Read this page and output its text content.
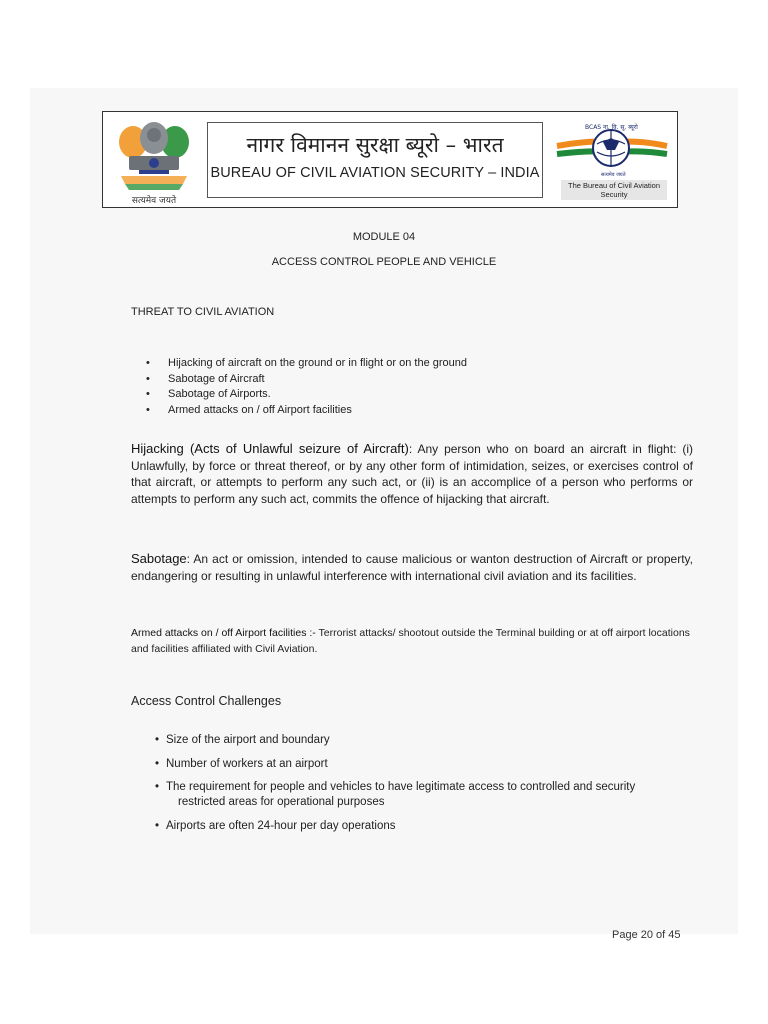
सत्यमेव जयते
नागर विमानन सुरक्षा ब्यूरो – भारत
BUREAU OF CIVIL AVIATION SECURITY – INDIA
BCAS ना. वि. सु. ब्यूरो
सत्यमेव जयते
The Bureau of Civil Aviation Security
MODULE 04
ACCESS CONTROL PEOPLE AND VEHICLE
THREAT TO CIVIL AVIATION
• Hijacking of aircraft on the ground or in flight or on the ground
• Sabotage of Aircraft
• Sabotage of Airports.
• Armed attacks on / off Airport facilities

Hijacking (Acts of Unlawful seizure of Aircraft): Any person who on board an aircraft in flight: (i) Unlawfully, by force or threat thereof, or by any other form of intimidation, seizes, or exercises control of that aircraft, or attempts to perform any such act, or (ii) is an accomplice of a person who performs or attempts to perform any such act, commits the offence of hijacking that aircraft.

Sabotage: An act or omission, intended to cause malicious or wanton destruction of Aircraft or property, endangering or resulting in unlawful interference with international civil aviation and its facilities.

Armed attacks on / off Airport facilities :- Terrorist attacks/ shootout outside the Terminal building or at off airport locations and facilities affiliated with Civil Aviation.

Access Control Challenges
• Size of the airport and boundary
• Number of workers at an airport
• The requirement for people and vehicles to have legitimate access to controlled and security
restricted areas for operational purposes
• Airports are often 24-hour per day operations
Page 20 of 45
